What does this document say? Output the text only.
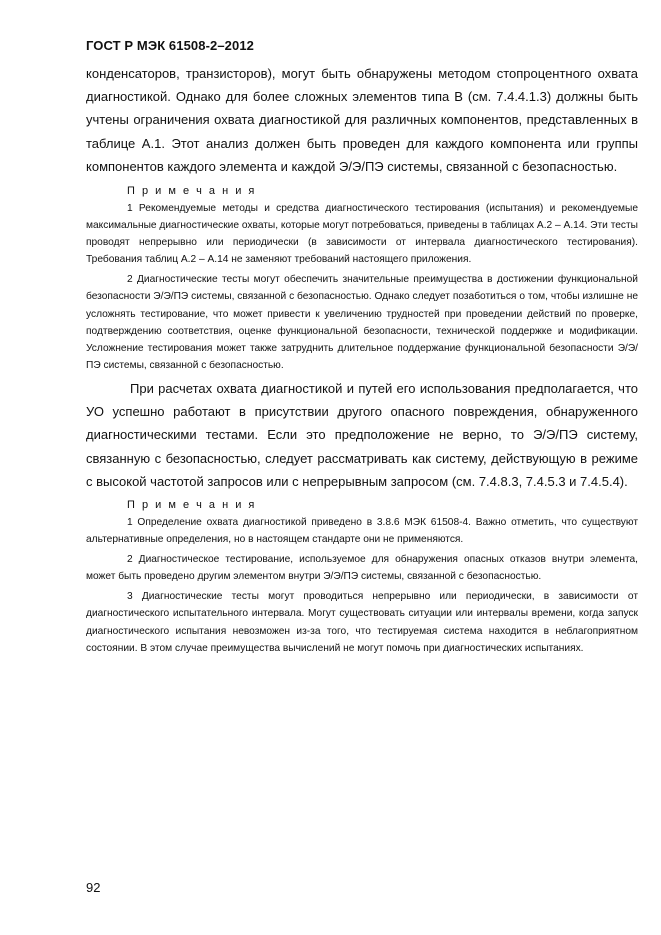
ГОСТ Р МЭК 61508-2–2012

конденсаторов, транзисторов), могут быть обнаружены методом стопроцентного охвата диагностикой. Однако для более сложных элементов типа В (см. 7.4.4.1.3) должны быть учтены ограничения охвата диагностикой для различных компонентов, представленных в таблице А.1. Этот анализ должен быть проведен для каждого компонента или группы компонентов каждого элемента и каждой Э/Э/ПЭ системы, связанной с безопасностью.

П р и м е ч а н и я

1 Рекомендуемые методы и средства диагностического тестирования (испытания) и рекомендуемые максимальные диагностические охваты, которые могут потребоваться, приведены в таблицах А.2 – А.14. Эти тесты проводят непрерывно или периодически (в зависимости от интервала диагностического тестирования). Требования таблиц А.2 – А.14 не заменяют требований настоящего приложения.

2 Диагностические тесты могут обеспечить значительные преимущества в достижении функциональной безопасности Э/Э/ПЭ системы, связанной с безопасностью. Однако следует позаботиться о том, чтобы излишне не усложнять тестирование, что может привести к увеличению трудностей при проведении действий по проверке, подтверждению соответствия, оценке функциональной безопасности, технической поддержке и модификации. Усложнение тестирования может также затруднить длительное поддержание функциональной безопасности Э/Э/ПЭ системы, связанной с безопасностью.

При расчетах охвата диагностикой и путей его использования предполагается, что УО успешно работают в присутствии другого опасного повреждения, обнаруженного диагностическими тестами. Если это предположение не верно, то Э/Э/ПЭ систему, связанную с безопасностью, следует рассматривать как систему, действующую в режиме с высокой частотой запросов или с непрерывным запросом (см. 7.4.8.3, 7.4.5.3 и 7.4.5.4).

П р и м е ч а н и я

1 Определение охвата диагностикой приведено в 3.8.6 МЭК 61508-4. Важно отметить, что существуют альтернативные определения, но в настоящем стандарте они не применяются.

2 Диагностическое тестирование, используемое для обнаружения опасных отказов внутри элемента, может быть проведено другим элементом внутри Э/Э/ПЭ системы, связанной с безопасностью.

3 Диагностические тесты могут проводиться непрерывно или периодически, в зависимости от диагностического испытательного интервала. Могут существовать ситуации или интервалы времени, когда запуск диагностического испытания невозможен из-за того, что тестируемая система находится в неблагоприятном состоянии. В этом случае преимущества вычислений не могут помочь при диагностических испытаниях.

92
